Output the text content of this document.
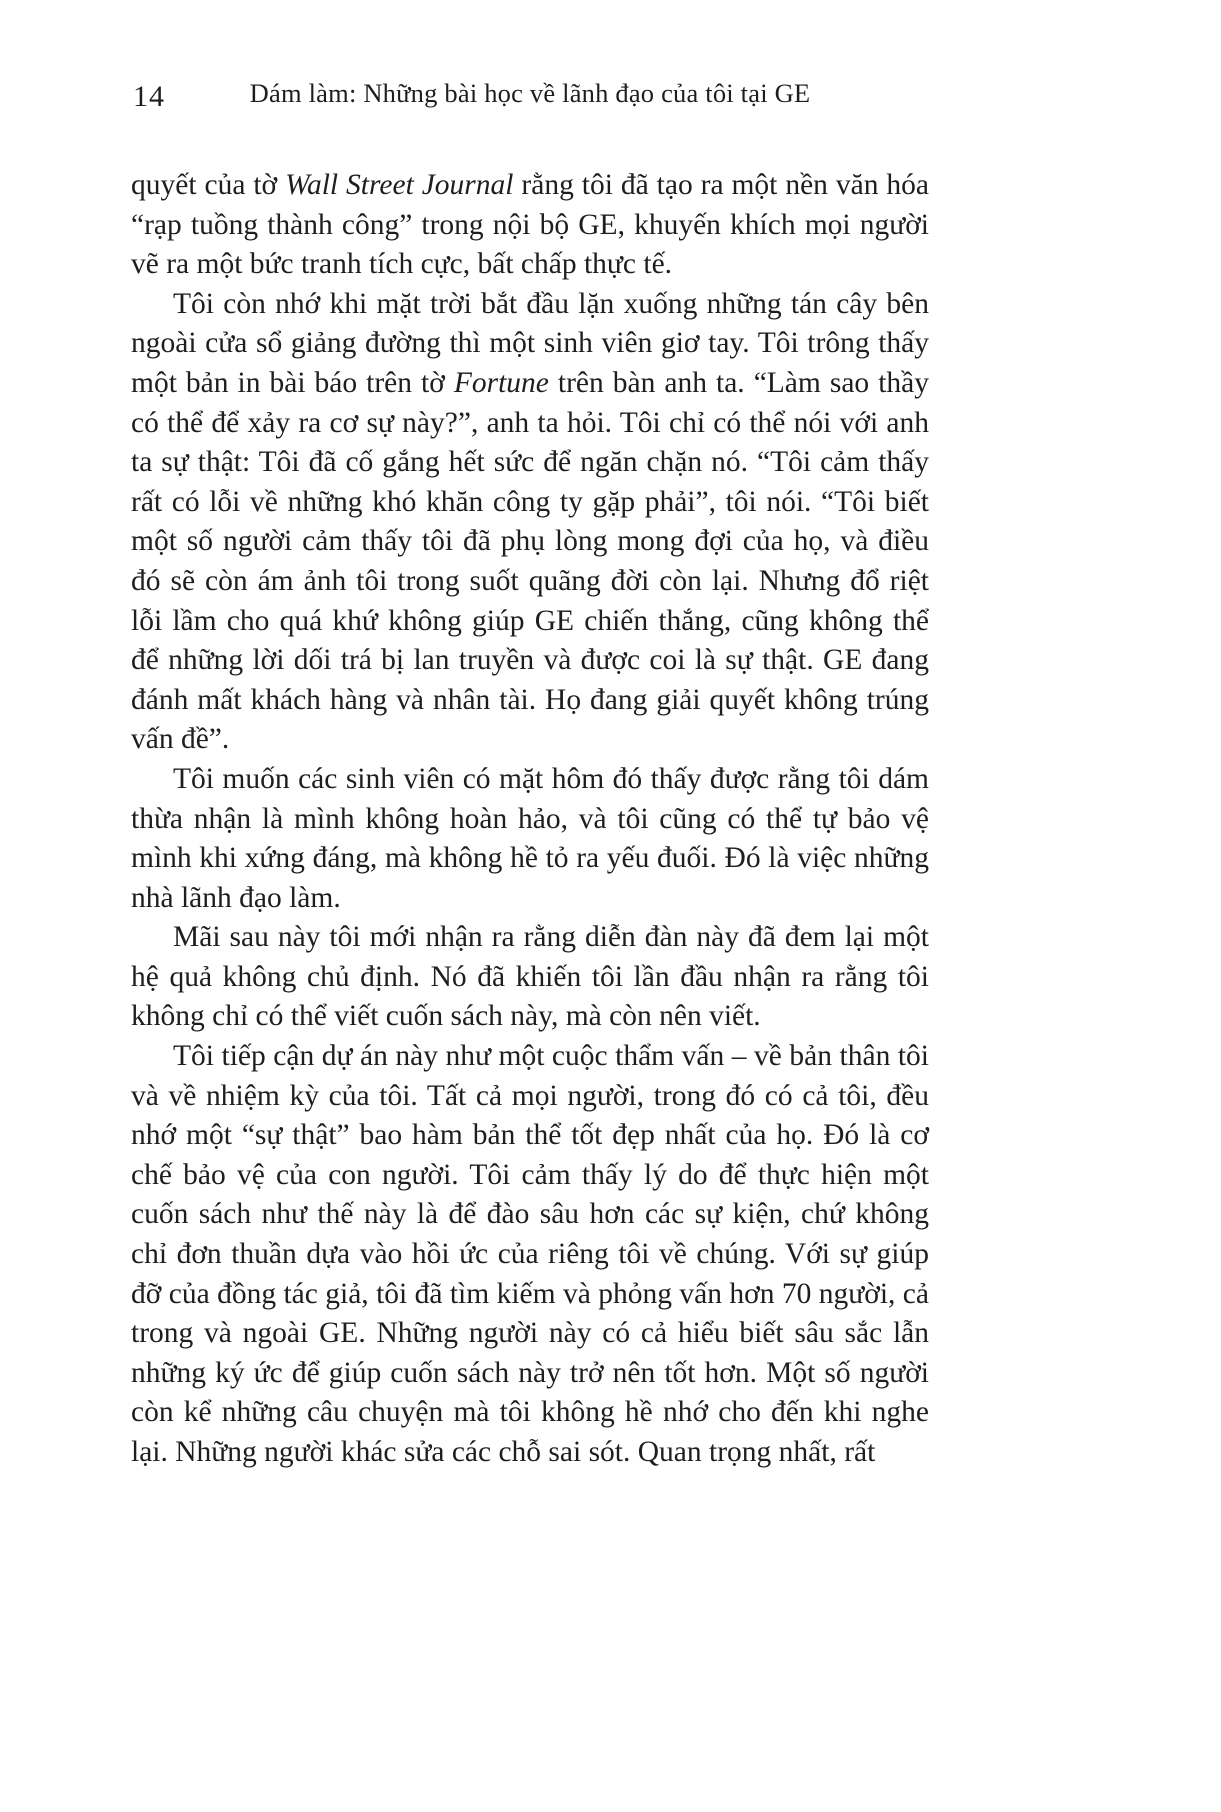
14	Dám làm: Những bài học về lãnh đạo của tôi tại GE

quyết của tờ Wall Street Journal rằng tôi đã tạo ra một nền văn hóa “rạp tuồng thành công” trong nội bộ GE, khuyến khích mọi người vẽ ra một bức tranh tích cực, bất chấp thực tế.

Tôi còn nhớ khi mặt trời bắt đầu lặn xuống những tán cây bên ngoài cửa sổ giảng đường thì một sinh viên giơ tay. Tôi trông thấy một bản in bài báo trên tờ Fortune trên bàn anh ta. “Làm sao thầy có thể để xảy ra cơ sự này?”, anh ta hỏi. Tôi chỉ có thể nói với anh ta sự thật: Tôi đã cố gắng hết sức để ngăn chặn nó. “Tôi cảm thấy rất có lỗi về những khó khăn công ty gặp phải”, tôi nói. “Tôi biết một số người cảm thấy tôi đã phụ lòng mong đợi của họ, và điều đó sẽ còn ám ảnh tôi trong suốt quãng đời còn lại. Nhưng đổ riệt lỗi lầm cho quá khứ không giúp GE chiến thắng, cũng không thể để những lời dối trá bị lan truyền và được coi là sự thật. GE đang đánh mất khách hàng và nhân tài. Họ đang giải quyết không trúng vấn đề”.

Tôi muốn các sinh viên có mặt hôm đó thấy được rằng tôi dám thừa nhận là mình không hoàn hảo, và tôi cũng có thể tự bảo vệ mình khi xứng đáng, mà không hề tỏ ra yếu đuối. Đó là việc những nhà lãnh đạo làm.

Mãi sau này tôi mới nhận ra rằng diễn đàn này đã đem lại một hệ quả không chủ định. Nó đã khiến tôi lần đầu nhận ra rằng tôi không chỉ có thể viết cuốn sách này, mà còn nên viết.

Tôi tiếp cận dự án này như một cuộc thẩm vấn – về bản thân tôi và về nhiệm kỳ của tôi. Tất cả mọi người, trong đó có cả tôi, đều nhớ một “sự thật” bao hàm bản thể tốt đẹp nhất của họ. Đó là cơ chế bảo vệ của con người. Tôi cảm thấy lý do để thực hiện một cuốn sách như thế này là để đào sâu hơn các sự kiện, chứ không chỉ đơn thuần dựa vào hồi ức của riêng tôi về chúng. Với sự giúp đỡ của đồng tác giả, tôi đã tìm kiếm và phỏng vấn hơn 70 người, cả trong và ngoài GE. Những người này có cả hiểu biết sâu sắc lẫn những ký ức để giúp cuốn sách này trở nên tốt hơn. Một số người còn kể những câu chuyện mà tôi không hề nhớ cho đến khi nghe lại. Những người khác sửa các chỗ sai sót. Quan trọng nhất, rất
